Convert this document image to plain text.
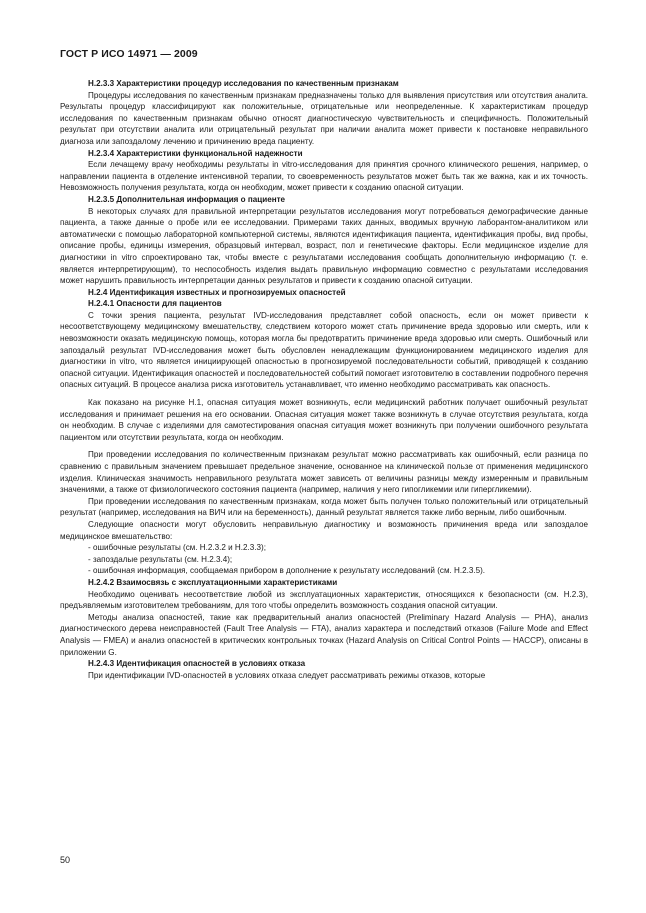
ГОСТ Р ИСО 14971 — 2009

H.2.3.3 Характеристики процедур исследования по качественным признакам

Процедуры исследования по качественным признакам предназначены только для выявления присутствия или отсутствия аналита. Результаты процедур классифицируют как положительные, отрицательные или неопределенные. К характеристикам процедур исследования по качественным признакам обычно относят диагностическую чувствительность и специфичность. Положительный результат при отсутствии аналита или отрицательный результат при наличии аналита может привести к постановке неправильного диагноза или запоздалому лечению и причинению вреда пациенту.

H.2.3.4 Характеристики функциональной надежности

Если лечащему врачу необходимы результаты in vitro-исследования для принятия срочного клинического решения, например, о направлении пациента в отделение интенсивной терапии, то своевременность результатов может быть так же важна, как и их точность. Невозможность получения результата, когда он необходим, может привести к созданию опасной ситуации.

H.2.3.5 Дополнительная информация о пациенте

В некоторых случаях для правильной интерпретации результатов исследования могут потребоваться демографические данные пациента, а также данные о пробе или ее исследовании. Примерами таких данных, вводимых вручную лаборантом-аналитиком или автоматически с помощью лабораторной компьютерной системы, являются идентификация пациента, идентификация пробы, вид пробы, описание пробы, единицы измерения, образцовый интервал, возраст, пол и генетические факторы. Если медицинское изделие для диагностики in vitro спроектировано так, чтобы вместе с результатами исследования сообщать дополнительную информацию (т. е. является интерпретирующим), то неспособность изделия выдать правильную информацию совместно с результатами исследования может нарушить правильность интерпретации данных результатов и привести к созданию опасной ситуации.

H.2.4 Идентификация известных и прогнозируемых опасностей

H.2.4.1 Опасности для пациентов

С точки зрения пациента, результат IVD-исследования представляет собой опасность, если он может привести к несоответствующему медицинскому вмешательству, следствием которого может стать причинение вреда здоровью или смерть, или к невозможности оказать медицинскую помощь, которая могла бы предотвратить причинение вреда здоровью или смерть. Ошибочный или запоздалый результат IVD-исследования может быть обусловлен ненадлежащим функционированием медицинского изделия для диагностики in vitro, что является инициирующей опасностью в прогнозируемой последовательности событий, приводящей к созданию опасной ситуации. Идентификация опасностей и последовательностей событий помогает изготовителю в составлении подробного перечня опасных ситуаций. В процессе анализа риска изготовитель устанавливает, что именно необходимо рассматривать как опасность.

Как показано на рисунке H.1, опасная ситуация может возникнуть, если медицинский работник получает ошибочный результат исследования и принимает решения на его основании. Опасная ситуация может также возникнуть в случае отсутствия результата, когда он необходим. В случае с изделиями для самотестирования опасная ситуация может возникнуть при получении ошибочного результата пациентом или отсутствии результата, когда он необходим.

При проведении исследования по количественным признакам результат можно рассматривать как ошибочный, если разница по сравнению с правильным значением превышает предельное значение, основанное на клинической пользе от применения медицинского изделия. Клиническая значимость неправильного результата может зависеть от величины разницы между измеренным и правильным значениями, а также от физиологического состояния пациента (например, наличия у него гипогликемии или гипергликемии).

При проведении исследования по качественным признакам, когда может быть получен только положительный или отрицательный результат (например, исследования на ВИЧ или на беременность), данный результат является также либо верным, либо ошибочным.

Следующие опасности могут обусловить неправильную диагностику и возможность причинения вреда или запоздалое медицинское вмешательство:

- ошибочные результаты (см. H.2.3.2 и H.2.3.3);

- запоздалые результаты (см. H.2.3.4);

- ошибочная информация, сообщаемая прибором в дополнение к результату исследований (см. H.2.3.5).

H.2.4.2 Взаимосвязь с эксплуатационными характеристиками

Необходимо оценивать несоответствие любой из эксплуатационных характеристик, относящихся к безопасности (см. H.2.3), предъявляемым изготовителем требованиям, для того чтобы определить возможность создания опасной ситуации.

Методы анализа опасностей, такие как предварительный анализ опасностей (Preliminary Hazard Analysis — PHA), анализ диагностического дерева неисправностей (Fault Tree Analysis — FTA), анализ характера и последствий отказов (Failure Mode and Effect Analysis — FMEA) и анализ опасностей в критических контрольных точках (Hazard Analysis on Critical Control Points — HACCP), описаны в приложении G.

H.2.4.3 Идентификация опасностей в условиях отказа

При идентификации IVD-опасностей в условиях отказа следует рассматривать режимы отказов, которые

50
